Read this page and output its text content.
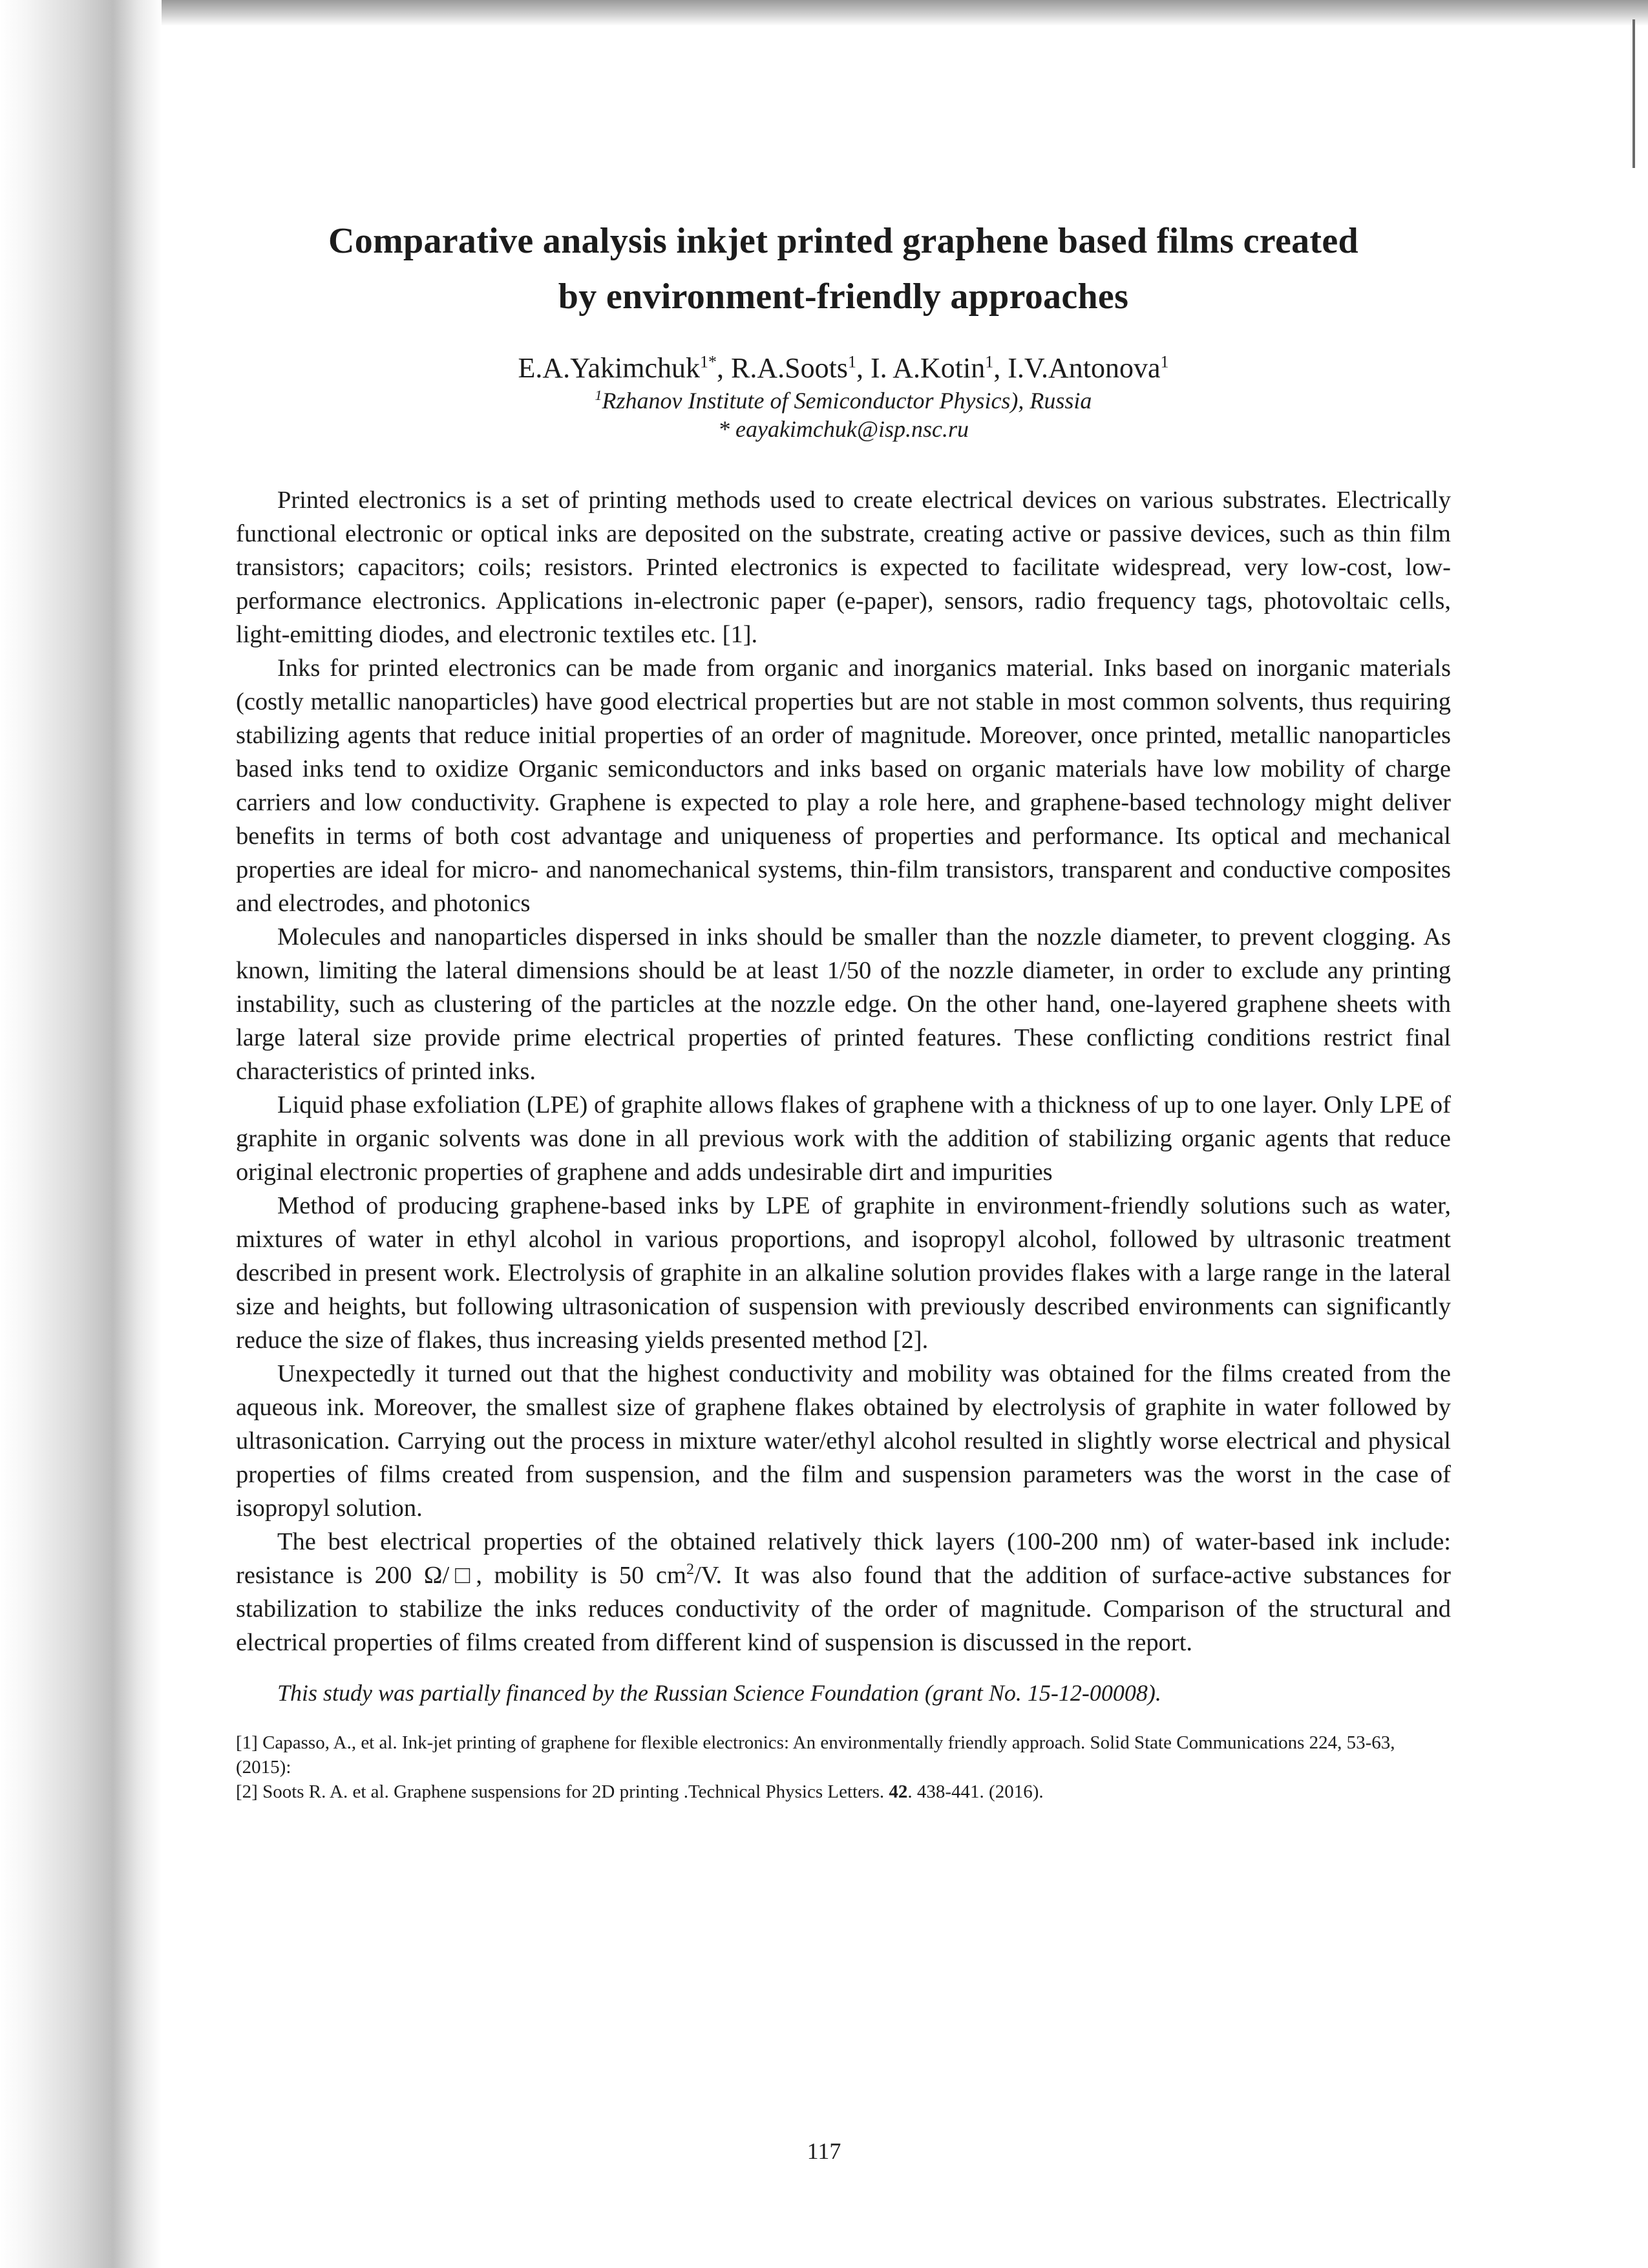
Comparative analysis inkjet printed graphene based films created
by environment-friendly approaches
E.A.Yakimchuk$^{1*}$, R.A.Soots$^1$, I. A.Kotin$^1$, I.V.Antonova$^1$
$^1$Rzhanov Institute of Semiconductor Physics), Russia
* eayakimchuk@isp.nsc.ru

Printed electronics is a set of printing methods used to create electrical devices on various substrates. Electrically functional electronic or optical inks are deposited on the substrate, creating active or passive devices, such as thin film transistors; capacitors; coils; resistors. Printed electronics is expected to facilitate widespread, very low-cost, low-performance electronics. Applications in-electronic paper (e-paper), sensors, radio frequency tags, photovoltaic cells, light-emitting diodes, and electronic textiles etc. [1].

Inks for printed electronics can be made from organic and inorganics material. Inks based on inorganic materials (costly metallic nanoparticles) have good electrical properties but are not stable in most common solvents, thus requiring stabilizing agents that reduce initial properties of an order of magnitude. Moreover, once printed, metallic nanoparticles based inks tend to oxidize Organic semiconductors and inks based on organic materials have low mobility of charge carriers and low conductivity. Graphene is expected to play a role here, and graphene-based technology might deliver benefits in terms of both cost advantage and uniqueness of properties and performance. Its optical and mechanical properties are ideal for micro- and nanomechanical systems, thin-film transistors, transparent and conductive composites and electrodes, and photonics

Molecules and nanoparticles dispersed in inks should be smaller than the nozzle diameter, to prevent clogging. As known, limiting the lateral dimensions should be at least 1/50 of the nozzle diameter, in order to exclude any printing instability, such as clustering of the particles at the nozzle edge. On the other hand, one-layered graphene sheets with large lateral size provide prime electrical properties of printed features. These conflicting conditions restrict final characteristics of printed inks.

Liquid phase exfoliation (LPE) of graphite allows flakes of graphene with a thickness of up to one layer. Only LPE of graphite in organic solvents was done in all previous work with the addition of stabilizing organic agents that reduce original electronic properties of graphene and adds undesirable dirt and impurities

Method of producing graphene-based inks by LPE of graphite in environment-friendly solutions such as water, mixtures of water in ethyl alcohol in various proportions, and isopropyl alcohol, followed by ultrasonic treatment described in present work. Electrolysis of graphite in an alkaline solution provides flakes with a large range in the lateral size and heights, but following ultrasonication of suspension with previously described environments can significantly reduce the size of flakes, thus increasing yields presented method [2].

Unexpectedly it turned out that the highest conductivity and mobility was obtained for the films created from the aqueous ink. Moreover, the smallest size of graphene flakes obtained by electrolysis of graphite in water followed by ultrasonication. Carrying out the process in mixture water/ethyl alcohol resulted in slightly worse electrical and physical properties of films created from suspension, and the film and suspension parameters was the worst in the case of isopropyl solution.

The best electrical properties of the obtained relatively thick layers (100-200 nm) of water-based ink include: resistance is 200 Ω/□, mobility is 50 $cm^2/V$. It was also found that the addition of surface-active substances for stabilization to stabilize the inks reduces conductivity of the order of magnitude. Comparison of the structural and electrical properties of films created from different kind of suspension is discussed in the report.

This study was partially financed by the Russian Science Foundation (grant No. 15-12-00008).

[1] Capasso, A., et al. Ink-jet printing of graphene for flexible electronics: An environmentally friendly approach. Solid State Communications 224, 53-63, (2015):

[2] Soots R. A. et al. Graphene suspensions for 2D printing .Technical Physics Letters. 42. 438-441. (2016).

117
